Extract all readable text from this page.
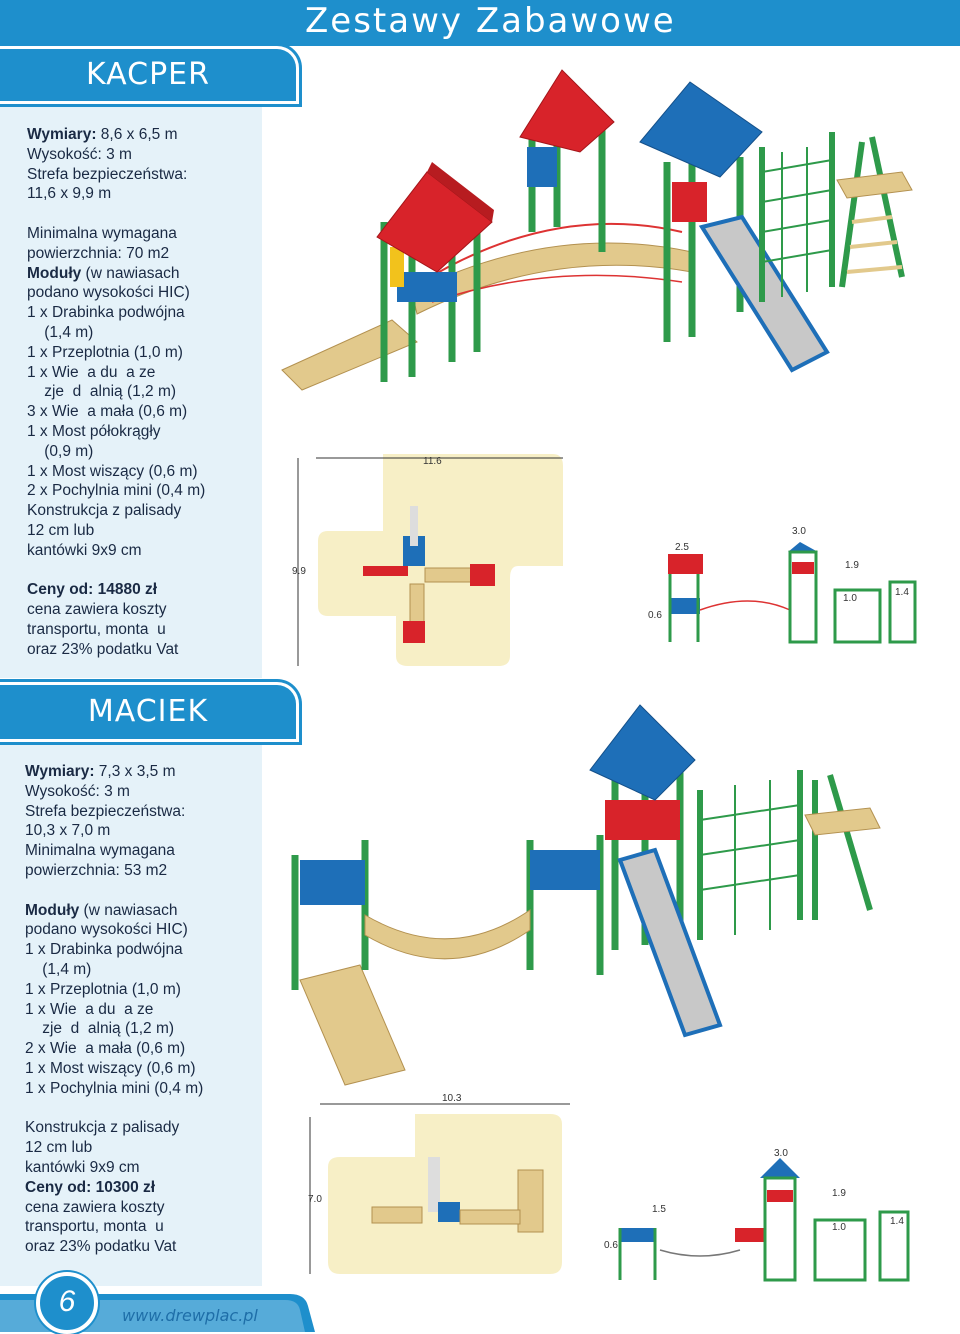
Zestawy Zabawowe
KACPER
Wymiary: 8,6 x 6,5 m
Wysokość: 3 m
Strefa bezpieczeństwa:
11,6 x 9,9 m
Minimalna wymagana
powierzchnia: 70 m2
Moduły (w nawiasach
podano wysokości HIC)
1 x Drabinka podwójna
(1,4 m)
1 x Przeplotnia (1,0 m)
1 x Wie  a du  a ze
zje  d  alnią (1,2 m)
3 x Wie  a mała (0,6 m)
1 x Most półokrągły
(0,9 m)
1 x Most wiszący (0,6 m)
2 x Pochylnia mini (0,4 m)
Konstrukcja z palisady
12 cm lub
kantówki 9x9 cm
Ceny od: 14880 zł
cena zawiera koszty
transportu, monta  u
oraz 23% podatku Vat
11.6
9.9
3.0
2.5
1.9
1.0
1.4
0.6
MACIEK
Wymiary: 7,3 x 3,5 m
Wysokość: 3 m
Strefa bezpieczeństwa:
10,3 x 7,0 m
Minimalna wymagana
powierzchnia: 53 m2
Moduły (w nawiasach
podano wysokości HIC)
1 x Drabinka podwójna
(1,4 m)
1 x Przeplotnia (1,0 m)
1 x Wie  a du  a ze
zje  d  alnią (1,2 m)
2 x Wie  a mała (0,6 m)
1 x Most wiszący (0,6 m)
1 x Pochylnia mini (0,4 m)
Konstrukcja z palisady
12 cm lub
kantówki 9x9 cm
Ceny od: 10300 zł
cena zawiera koszty
transportu, monta  u
oraz 23% podatku Vat
10.3
7.0
3.0
1.5
1.9
1.0
1.4
0.6
6	www.drewplac.pl
